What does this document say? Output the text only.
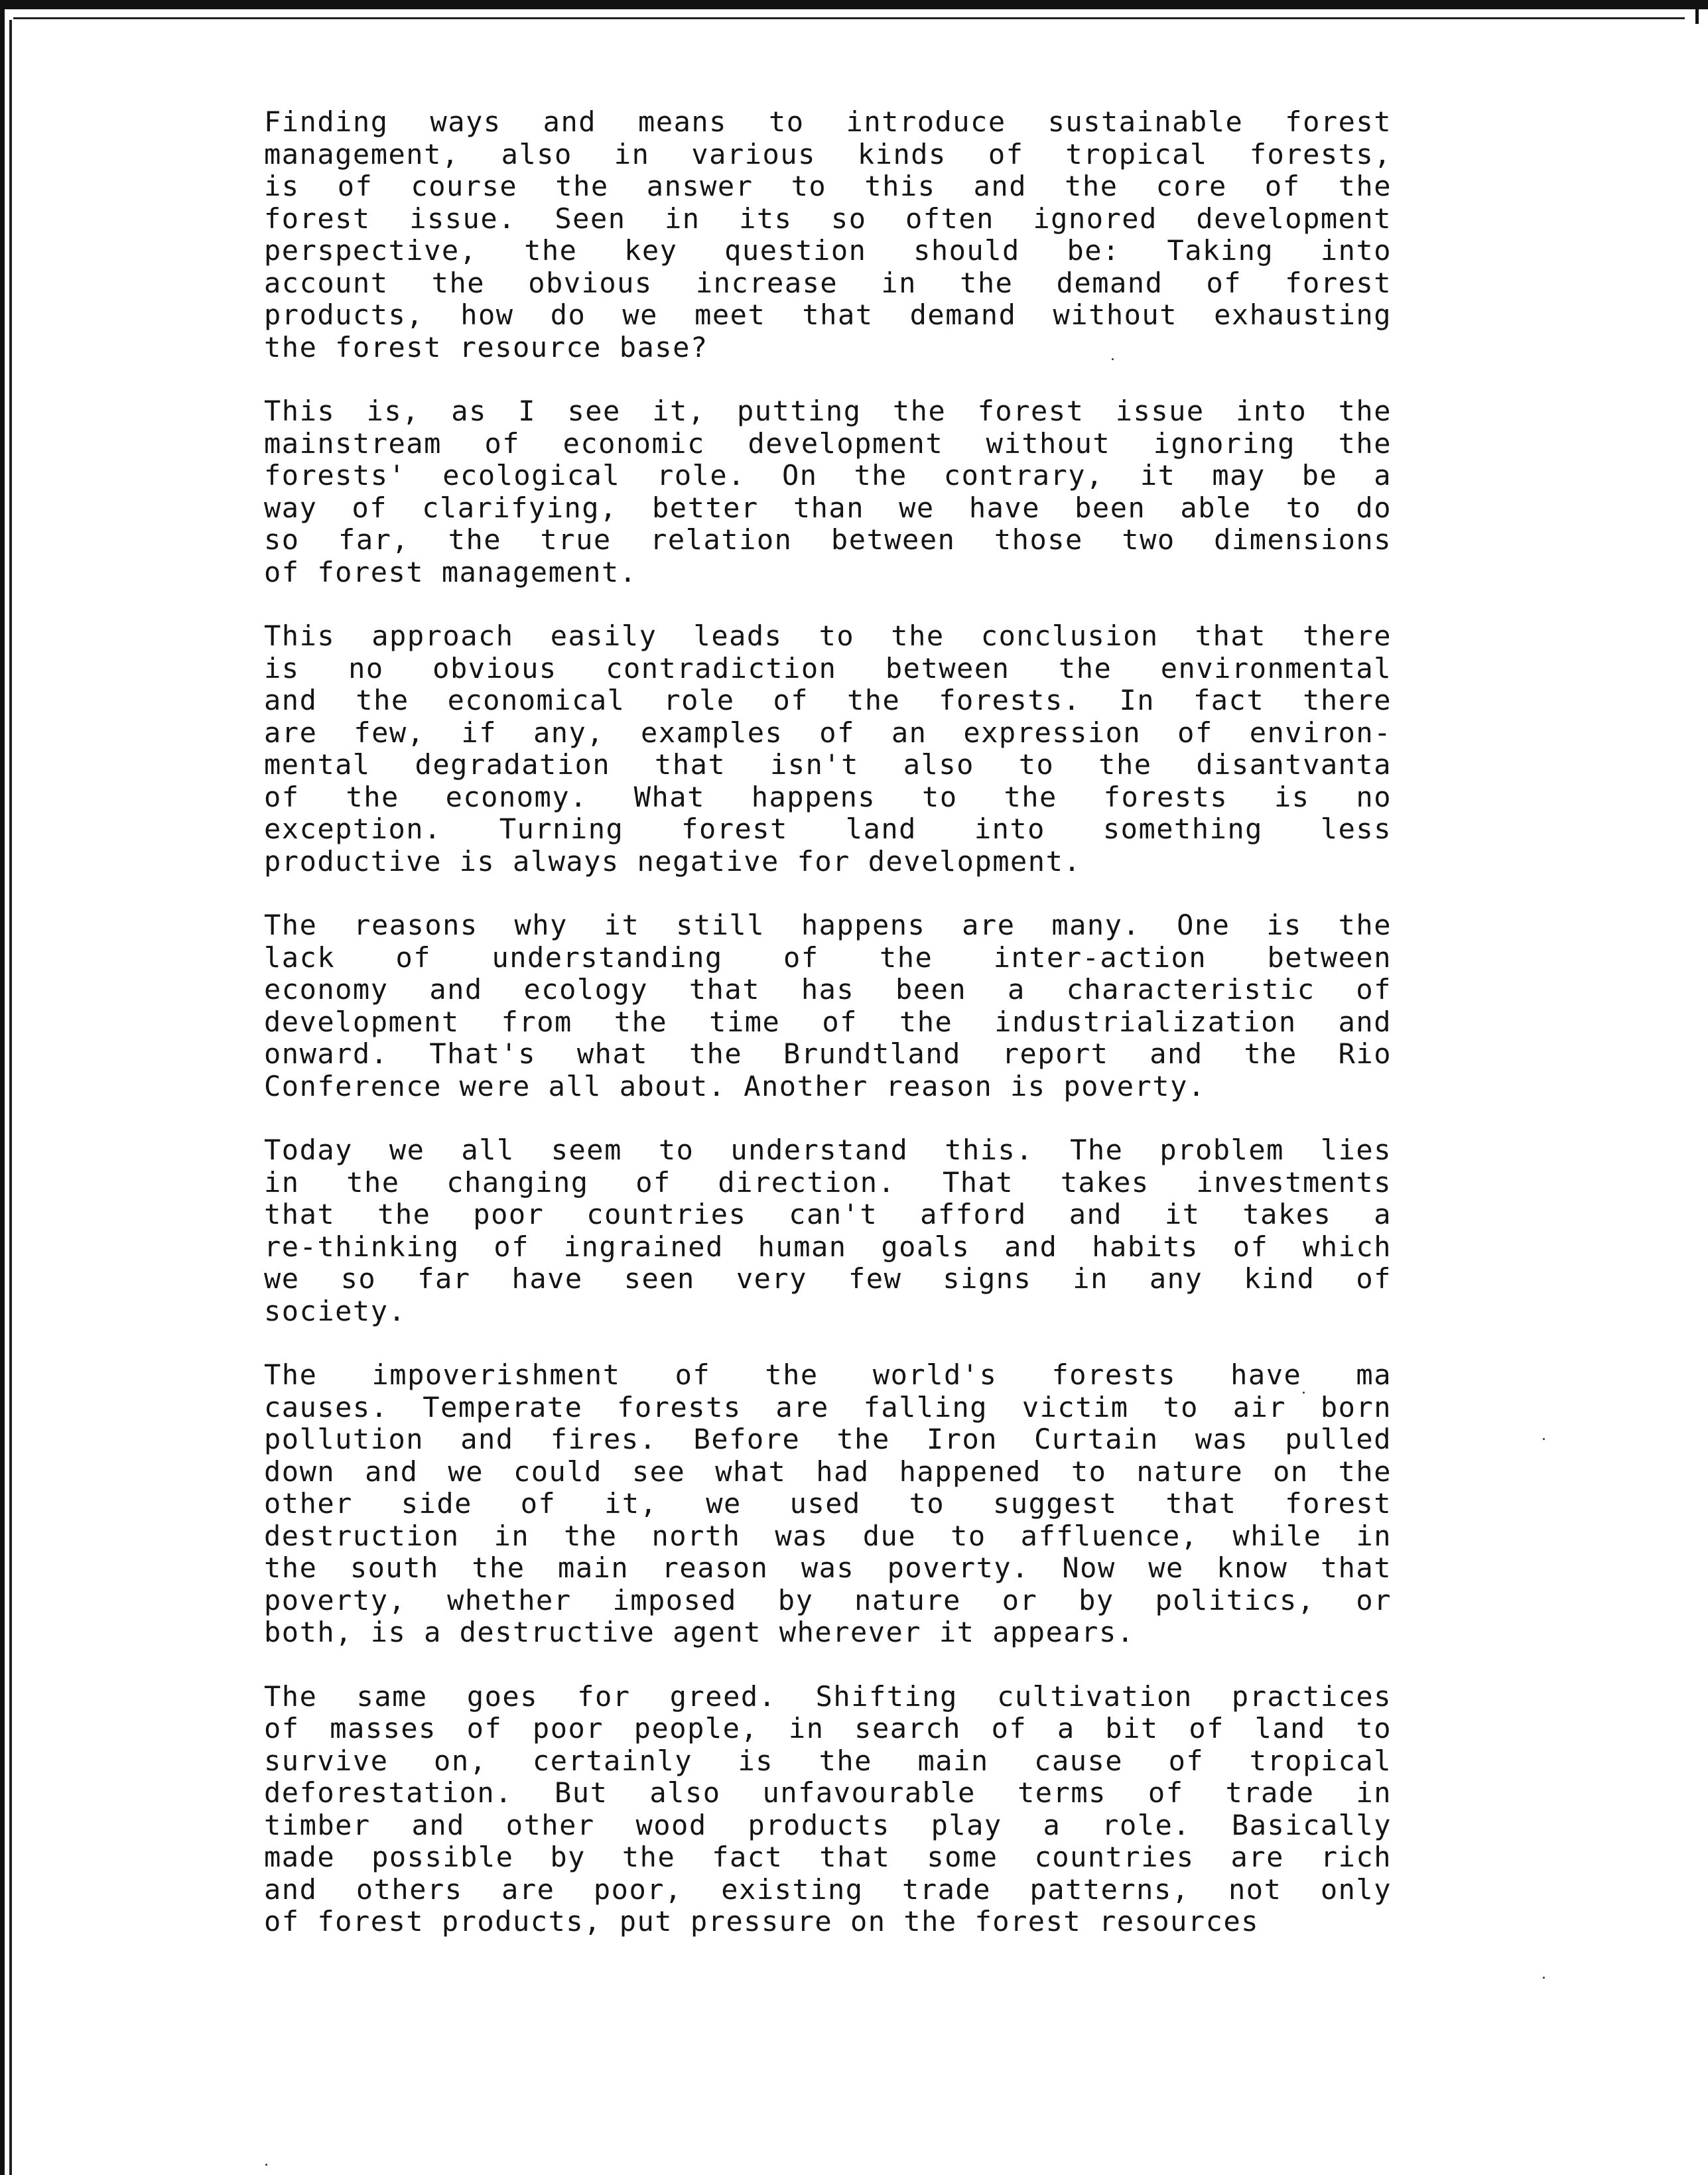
Finding ways and means to introduce sustainable forest
management, also in various kinds of tropical forests,
is of course the answer to this and the core of the
forest issue. Seen in its so often ignored development
perspective, the key question should be: Taking into
account the obvious increase in the demand of forest
products, how do we meet that demand without exhausting
the forest resource base?
This is, as I see it, putting the forest issue into the
mainstream of economic development without ignoring the
forests' ecological role. On the contrary, it may be a
way of clarifying, better than we have been able to do
so far, the true relation between those two dimensions
of forest management.
This approach easily leads to the conclusion that there
is no obvious contradiction between the environmental
and the economical role of the forests. In fact there
are few, if any, examples of an expression of environ-
mental degradation that isn't also to the disantvanta
of the economy. What happens to the forests is no
exception. Turning forest land into something less
productive is always negative for development.
The reasons why it still happens are many. One is the
lack of understanding of the inter-action between
economy and ecology that has been a characteristic of
development from the time of the industrialization and
onward. That's what the Brundtland report and the Rio
Conference were all about. Another reason is poverty.
Today we all seem to understand this. The problem lies
in the changing of direction. That takes investments
that the poor countries can't afford and it takes a
re-thinking of ingrained human goals and habits of which
we so far have seen very few signs in any kind of
society.
The impoverishment of the world's forests have ma
causes. Temperate forests are falling victim to air born
pollution and fires. Before the Iron Curtain was pulled
down and we could see what had happened to nature on the
other side of it, we used to suggest that forest
destruction in the north was due to affluence, while in
the south the main reason was poverty. Now we know that
poverty, whether imposed by nature or by politics, or
both, is a destructive agent wherever it appears.
The same goes for greed. Shifting cultivation practices
of masses of poor people, in search of a bit of land to
survive on, certainly is the main cause of tropical
deforestation. But also unfavourable terms of trade in
timber and other wood products play a role. Basically
made possible by the fact that some countries are rich
and others are poor, existing trade patterns, not only
of forest products, put pressure on the forest resources
